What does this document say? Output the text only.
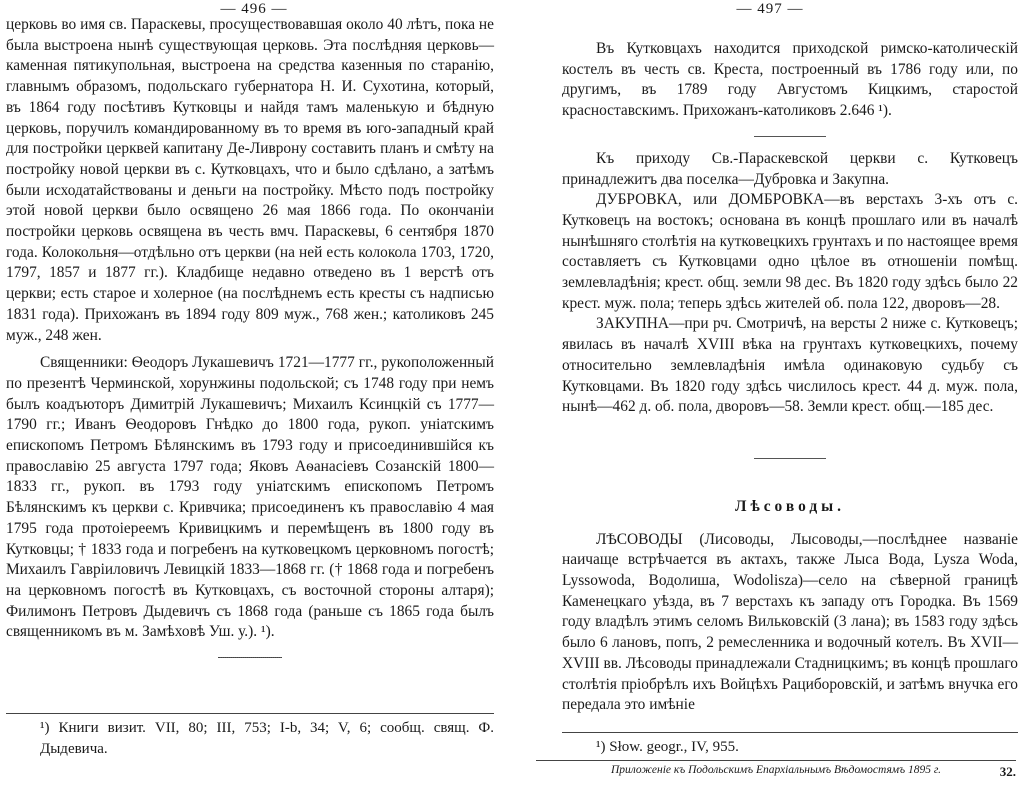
— 496 —

церковь во имя св. Параскевы, просуществовавшая около 40 лѣтъ, пока не была выстроена нынѣ существующая церковь. Эта послѣдняя церковь—каменная пятикупольная, выстроена на средства казенныя по старанію, главнымъ образомъ, подольскаго губернатора Н. И. Сухотина, который, въ 1864 году посѣтивъ Кутковцы и найдя тамъ маленькую и бѣдную церковь, поручилъ командированному въ то время въ юго-западный край для постройки церквей капитану Де-Ливрону составить планъ и смѣту на постройку новой церкви въ с. Кутковцахъ, что и было сдѣлано, а затѣмъ были исходатайствованы и деньги на постройку. Мѣсто подъ постройку этой новой церкви было освящено 26 мая 1866 года. По окончаніи постройки церковь освящена въ честь вмч. Параскевы, 6 сентября 1870 года. Колокольня—отдѣльно отъ церкви (на ней есть колокола 1703, 1720, 1797, 1857 и 1877 гг.). Кладбище недавно отведено въ 1 верстѣ отъ церкви; есть старое и холерное (на послѣднемъ есть кресты съ надписью 1831 года). Прихожанъ въ 1894 году 809 муж., 768 жен.; католиковъ 245 муж., 248 жен.

Священники: Ѳеодоръ Лукашевичъ 1721—1777 гг., рукоположенный по презентѣ Черминской, хорунжины подольской; съ 1748 году при немъ былъ коадъюторъ Димитрій Лукашевичъ; Михаилъ Ксинцкій съ 1777—1790 гг.; Иванъ Ѳеодоровъ Гнѣдко до 1800 года, рукоп. уніатскимъ епископомъ Петромъ Бѣлянскимъ въ 1793 году и присоединившійся къ православію 25 августа 1797 года; Яковъ Аѳанасіевъ Созанскій 1800—1833 гг., рукоп. въ 1793 году уніатскимъ епископомъ Петромъ Бѣлянскимъ къ церкви с. Кривчика; присоединенъ къ православію 4 мая 1795 года протоіереемъ Кривицкимъ и перемѣщенъ въ 1800 году въ Кутковцы; † 1833 года и погребенъ на кутковецкомъ церковномъ погостѣ; Михаилъ Гавріиловичъ Левицкій 1833—1868 гг. († 1868 года и погребенъ на церковномъ погостѣ въ Кутковцахъ, съ восточной стороны алтаря); Филимонъ Петровъ Дыдевичъ съ 1868 года (раньше съ 1865 года былъ священникомъ въ м. Замѣховѣ Уш. у.). ¹).

¹) Книги визит. VII, 80; III, 753; I-b, 34; V, 6; сообщ. свящ. Ф. Дыдевича.
— 497 —

Въ Кутковцахъ находится приходской римско-католическій костелъ въ честь св. Креста, построенный въ 1786 году или, по другимъ, въ 1789 году Августомъ Кицкимъ, старостой красноставскимъ. Прихожанъ-католиковъ 2.646 ¹).

Къ приходу Св.-Параскевской церкви с. Кутковецъ принадлежитъ два поселка—Дубровка и Закупна.

ДУБРОВКА, или ДОМБРОВКА—въ верстахъ 3-хъ отъ с. Кутковецъ на востокъ; основана въ концѣ прошлаго или въ началѣ нынѣшняго столѣтія на кутковецкихъ грунтахъ и по настоящее время составляетъ съ Кутковцами одно цѣлое въ отношеніи помѣщ. землевладѣнія; крест. общ. земли 98 дес. Въ 1820 году здѣсь было 22 крест. муж. пола; теперь здѣсь жителей об. пола 122, дворовъ—28.

ЗАКУПНА—при рч. Смотричѣ, на версты 2 ниже с. Кутковецъ; явилась въ началѣ XVIII вѣка на грунтахъ кутковецкихъ, почему относительно землевладѣнія имѣла одинаковую судьбу съ Кутковцами. Въ 1820 году здѣсь числилось крест. 44 д. муж. пола, нынѣ—462 д. об. пола, дворовъ—58. Земли крест. общ.—185 дес.

Лѣсоводы.

ЛѢСОВОДЫ (Лисоводы, Лысоводы,—послѣднее названіе наичаще встрѣчается въ актахъ, также Лыса Вода, Lysza Woda, Lyssowoda, Водолиша, Wodoliszа)—село на сѣверной границѣ Каменецкаго уѣзда, въ 7 верстахъ къ западу отъ Городка. Въ 1569 году владѣлъ этимъ селомъ Вильковскій (3 лана); въ 1583 году здѣсь было 6 лановъ, попъ, 2 ремесленника и водочный котелъ. Въ XVII—XVIII вв. Лѣсоводы принадлежали Стадницкимъ; въ концѣ прошлаго столѣтія пріобрѣлъ ихъ Войцѣхъ Рациборовскій, и затѣмъ внучка его передала это имѣніе

¹) Słow. geogr., IV, 955.
Приложеніе къ Подольскимъ Епархіальнымъ Вѣдомостямъ 1895 г.	32.
